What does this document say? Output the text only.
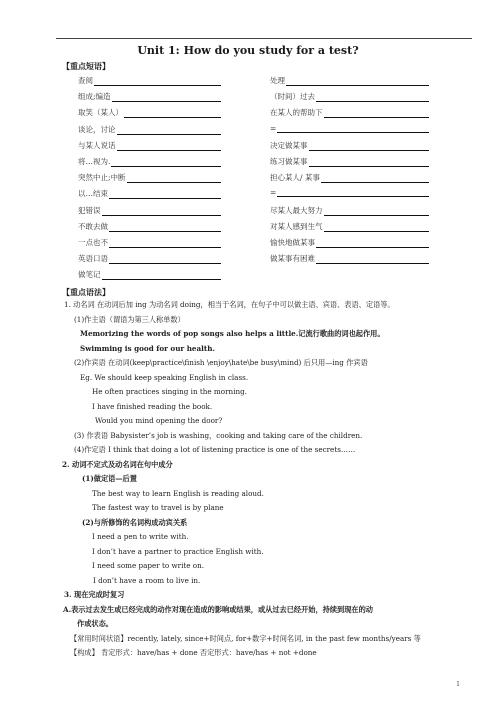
Unit 1: How do you study for a test?
【重点短语】
查阅
组成;编造
取笑（某人）
谈论，讨论
与某人说话
将…视为.
突然中止;中断
以…结束
犯错误
不敢去做
一点也不
英语口语
做笔记
处理
（时间）过去
在某人的帮助下
=
决定做某事
练习做某事
担心某人/ 某事
=
尽某人最大努力
对某人感到生气
愉快地做某事
做某事有困难
【重点语法】
1. 动名词 在动词后加 ing 为动名词 doing，相当于名词，在句子中可以做主语、宾语、表语、定语等。
(1)作主语（谓语为第三人称单数）
Memorizing the words of pop songs also helps a little.记流行歌曲的词也起作用。
Swimming is good for our health.
(2)作宾语 在动词(keep\practice\finish \enjoy\hate\be busy\mind) 后只用—ing 作宾语
Eg. We should keep speaking English in class.
He often practices singing in the morning.
I have finished reading the book.
Would you mind opening the door?
(3) 作表语 Babysister’s job is washing，cooking and taking care of the children.
(4)作定语 I think that doing a lot of listening practice is one of the secrets……
2. 动词不定式及动名词在句中成分
(1)做定语—后置
The best way to learn English is reading aloud.
The fastest way to travel is by plane
(2)与所修饰的名词构成动宾关系
I need a pen to write with.
I don’t have a partner to practice English with.
I need some paper to write on.
I don’t have a room to live in.
3. 现在完成时复习
A.表示过去发生或已经完成的动作对现在造成的影响或结果，或从过去已经开始，持续到现在的动
作或状态。
【常用时间状语】recently, lately, since+时间点, for+数字+时间名词, in the past few months/years 等
【构成】 肯定形式：have/has + done 否定形式：have/has + not +done
1
